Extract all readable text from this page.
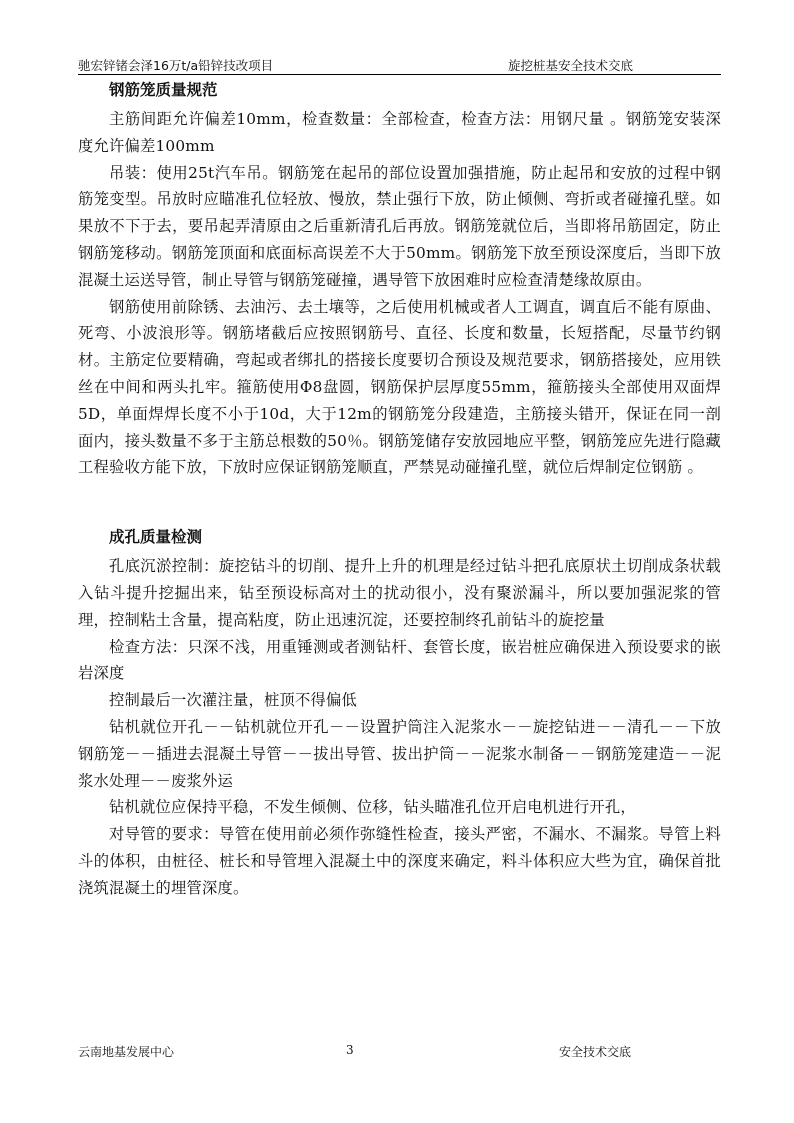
驰宏锌锗会泽16万t/a铅锌技改项目	旋挖桩基安全技术交底
钢筋笼质量规范

主筋间距允许偏差10mm，检查数量：全部检查，检查方法：用钢尺量 。钢筋笼安装深度允许偏差100mm

吊装：使用25t汽车吊。钢筋笼在起吊的部位设置加强措施，防止起吊和安放的过程中钢筋笼变型。吊放时应瞄准孔位轻放、慢放，禁止强行下放，防止倾侧、弯折或者碰撞孔壁。如果放不下于去，要吊起弄清原由之后重新清孔后再放。钢筋笼就位后，当即将吊筋固定，防止钢筋笼移动。钢筋笼顶面和底面标高误差不大于50mm。钢筋笼下放至预设深度后，当即下放混凝土运送导管，制止导管与钢筋笼碰撞，遇导管下放困难时应检查清楚缘故原由。

钢筋使用前除锈、去油污、去土壤等，之后使用机械或者人工调直，调直后不能有原曲、死弯、小波浪形等。钢筋堵截后应按照钢筋号、直径、长度和数量，长短搭配，尽量节约钢材。主筋定位要精确，弯起或者绑扎的搭接长度要切合预设及规范要求，钢筋搭接处，应用铁丝在中间和两头扎牢。箍筋使用Φ8盘圆，钢筋保护层厚度55mm，箍筋接头全部使用双面焊5D，单面焊焊长度不小于10d，大于12m的钢筋笼分段建造，主筋接头错开，保证在同一剖面内，接头数量不多于主筋总根数的50％。钢筋笼储存安放园地应平整，钢筋笼应先进行隐藏工程验收方能下放，下放时应保证钢筋笼顺直，严禁晃动碰撞孔壁，就位后焊制定位钢筋 。

成孔质量检测

孔底沉淤控制：旋挖钻斗的切削、提升上升的机理是经过钻斗把孔底原状土切削成条状载入钻斗提升挖掘出来，钻至预设标高对土的扰动很小，没有聚淤漏斗，所以要加强泥浆的管理，控制粘土含量，提高粘度，防止迅速沉淀，还要控制终孔前钻斗的旋挖量

检查方法：只深不浅，用重锤测或者测钻杆、套管长度，嵌岩桩应确保进入预设要求的嵌岩深度

控制最后一次灌注量，桩顶不得偏低

钻机就位开孔－－钻机就位开孔－－设置护筒注入泥浆水－－旋挖钻进－－清孔－－下放钢筋笼－－插进去混凝土导管－－拔出导管、拔出护筒－－泥浆水制备－－钢筋笼建造－－泥浆水处理－－废浆外运

钻机就位应保持平稳，不发生倾侧、位移，钻头瞄准孔位开启电机进行开孔，

对导管的要求：导管在使用前必须作弥缝性检查，接头严密，不漏水、不漏浆。导管上料斗的体积，由桩径、桩长和导管埋入混凝土中的深度来确定，料斗体积应大些为宜，确保首批浇筑混凝土的埋管深度。

云南地基发展中心	3	安全技术交底
